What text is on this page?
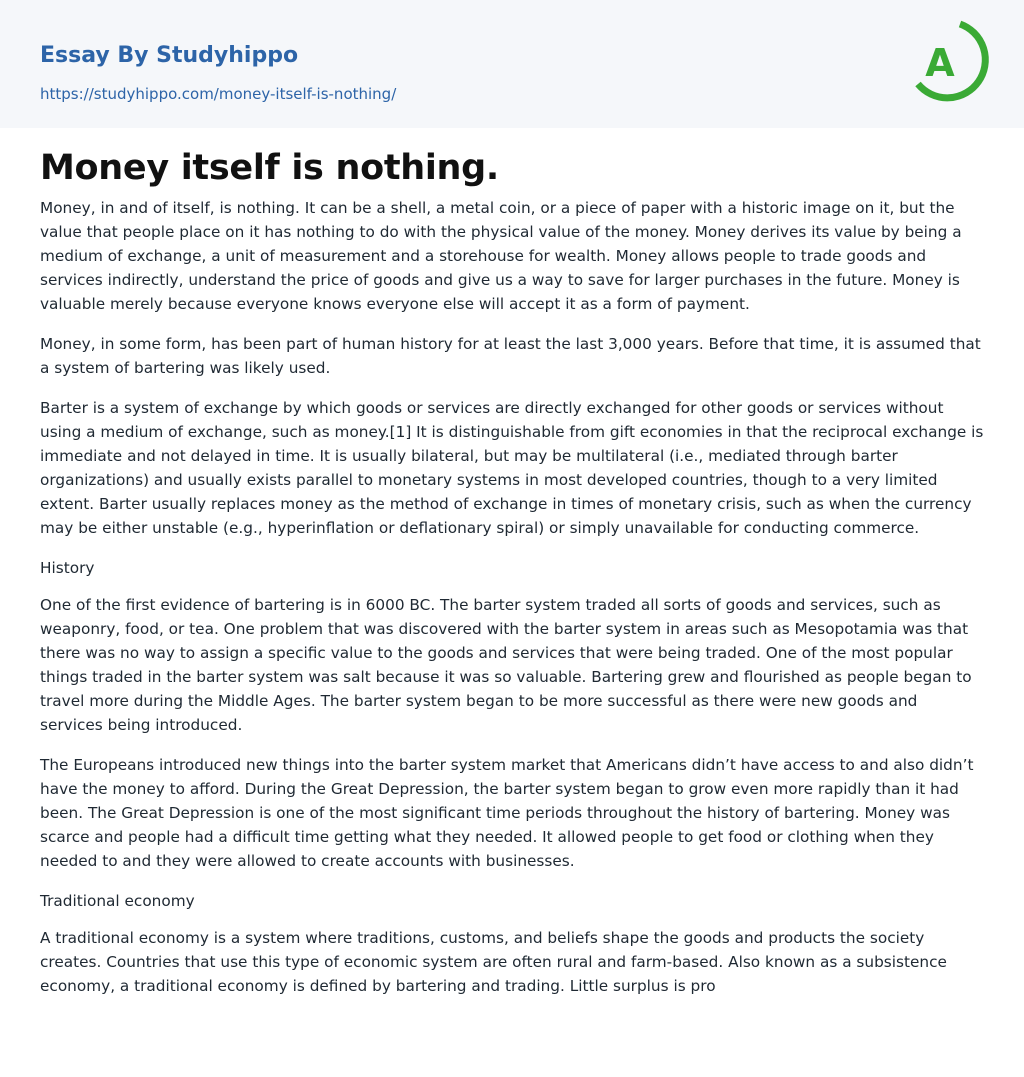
Essay By Studyhippo
https://studyhippo.com/money-itself-is-nothing/
A
Money itself is nothing.

Money, in and of itself, is nothing. It can be a shell, a metal coin, or a piece of paper with a historic image on it, but the value that people place on it has nothing to do with the physical value of the money. Money derives its value by being a medium of exchange, a unit of measurement and a storehouse for wealth. Money allows people to trade goods and services indirectly, understand the price of goods and give us a way to save for larger purchases in the future. Money is valuable merely because everyone knows everyone else will accept it as a form of payment.

Money, in some form, has been part of human history for at least the last 3,000 years. Before that time, it is assumed that a system of bartering was likely used.

Barter is a system of exchange by which goods or services are directly exchanged for other goods or services without using a medium of exchange, such as money.[1] It is distinguishable from gift economies in that the reciprocal exchange is immediate and not delayed in time. It is usually bilateral, but may be multilateral (i.e., mediated through barter organizations) and usually exists parallel to monetary systems in most developed countries, though to a very limited extent. Barter usually replaces money as the method of exchange in times of monetary crisis, such as when the currency may be either unstable (e.g., hyperinflation or deflationary spiral) or simply unavailable for conducting commerce.

History

One of the first evidence of bartering is in 6000 BC. The barter system traded all sorts of goods and services, such as weaponry, food, or tea. One problem that was discovered with the barter system in areas such as Mesopotamia was that there was no way to assign a specific value to the goods and services that were being traded. One of the most popular things traded in the barter system was salt because it was so valuable. Bartering grew and flourished as people began to travel more during the Middle Ages. The barter system began to be more successful as there were new goods and services being introduced.

The Europeans introduced new things into the barter system market that Americans didn’t have access to and also didn’t have the money to afford. During the Great Depression, the barter system began to grow even more rapidly than it had been. The Great Depression is one of the most significant time periods throughout the history of bartering. Money was scarce and people had a difficult time getting what they needed. It allowed people to get food or clothing when they needed to and they were allowed to create accounts with businesses.

Traditional economy

A traditional economy is a system where traditions, customs, and beliefs shape the goods and products the society creates. Countries that use this type of economic system are often rural and farm-based. Also known as a subsistence economy, a traditional economy is defined by bartering and trading. Little surplus is pro
